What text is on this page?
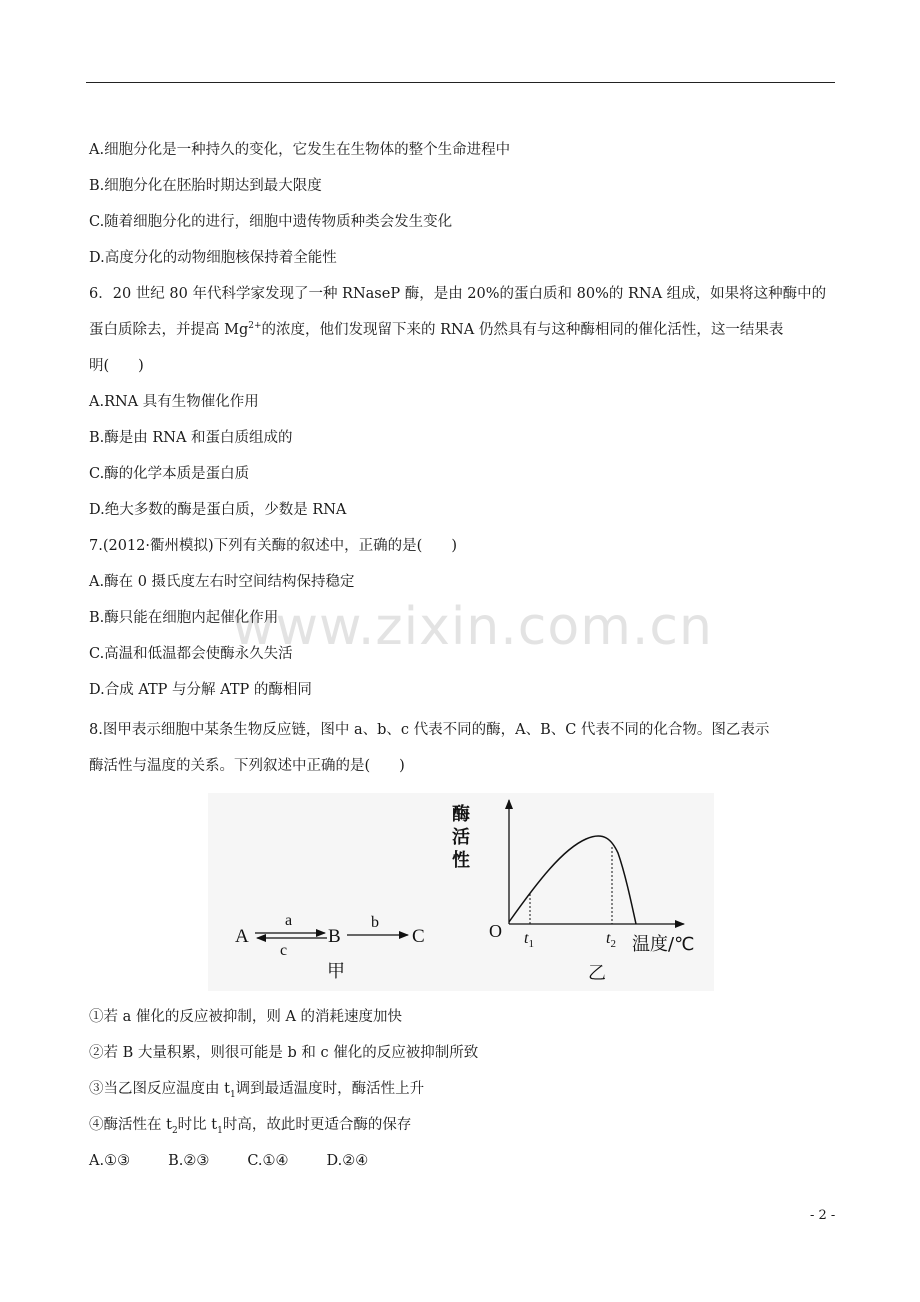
www.zixin.com.cn
A.细胞分化是一种持久的变化，它发生在生物体的整个生命进程中
B.细胞分化在胚胎时期达到最大限度
C.随着细胞分化的进行，细胞中遗传物质种类会发生变化
D.高度分化的动物细胞核保持着全能性
6．20 世纪 80 年代科学家发现了一种 RNaseP 酶，是由 20%的蛋白质和 80%的 RNA 组成，如果将这种酶中的
蛋白质除去，并提高 $Mg^{2+}$的浓度，他们发现留下来的 RNA 仍然具有与这种酶相同的催化活性，这一结果表
明(　　)
A.RNA 具有生物催化作用
B.酶是由 RNA 和蛋白质组成的
C.酶的化学本质是蛋白质
D.绝大多数的酶是蛋白质，少数是 RNA
7.(2012·衢州模拟)下列有关酶的叙述中，正确的是(　　)
A.酶在 0 摄氏度左右时空间结构保持稳定
B.酶只能在细胞内起催化作用
C.高温和低温都会使酶永久失活
D.合成 ATP 与分解 ATP 的酶相同
8.图甲表示细胞中某条生物反应链，图中 a、b、c 代表不同的酶，A、B、C 代表不同的化合物。图乙表示
酶活性与温度的关系。下列叙述中正确的是(　　)
A
a
c
B
b
C
甲
酶
活
性
O $t_1$	$t_2$ 温度/℃
乙
①若 a 催化的反应被抑制，则 A 的消耗速度加快
②若 B 大量积累，则很可能是 b 和 c 催化的反应被抑制所致
③当乙图反应温度由 $t_1$调到最适温度时，酶活性上升
④酶活性在 $t_2$时比 $t_1$时高，故此时更适合酶的保存
A.①③	B.②③	C.①④	D.②④
- 2 -
